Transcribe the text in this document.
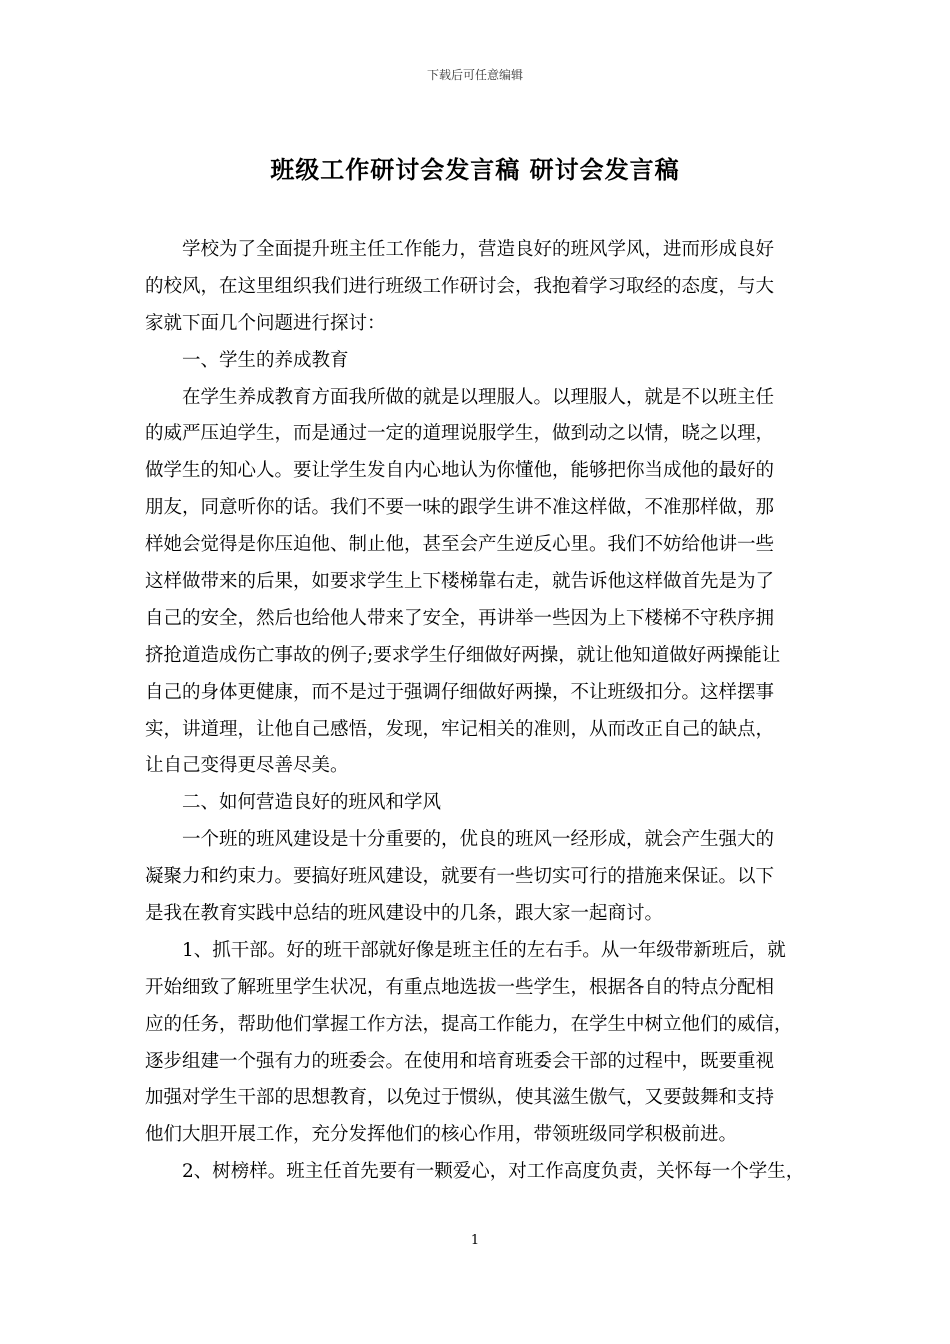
下载后可任意编辑
班级工作研讨会发言稿 研讨会发言稿
学校为了全面提升班主任工作能力，营造良好的班风学风，进而形成良好
的校风，在这里组织我们进行班级工作研讨会，我抱着学习取经的态度，与大
家就下面几个问题进行探讨：
一、学生的养成教育
在学生养成教育方面我所做的就是以理服人。以理服人，就是不以班主任
的威严压迫学生，而是通过一定的道理说服学生，做到动之以情，晓之以理，
做学生的知心人。要让学生发自内心地认为你懂他，能够把你当成他的最好的
朋友，同意听你的话。我们不要一味的跟学生讲不准这样做，不准那样做，那
样她会觉得是你压迫他、制止他，甚至会产生逆反心里。我们不妨给他讲一些
这样做带来的后果，如要求学生上下楼梯靠右走，就告诉他这样做首先是为了
自己的安全，然后也给他人带来了安全，再讲举一些因为上下楼梯不守秩序拥
挤抢道造成伤亡事故的例子;要求学生仔细做好两操，就让他知道做好两操能让
自己的身体更健康，而不是过于强调仔细做好两操，不让班级扣分。这样摆事
实，讲道理，让他自己感悟，发现，牢记相关的准则，从而改正自己的缺点，
让自己变得更尽善尽美。
二、如何营造良好的班风和学风
一个班的班风建设是十分重要的，优良的班风一经形成，就会产生强大的
凝聚力和约束力。要搞好班风建设，就要有一些切实可行的措施来保证。以下
是我在教育实践中总结的班风建设中的几条，跟大家一起商讨。
1、抓干部。好的班干部就好像是班主任的左右手。从一年级带新班后，就
开始细致了解班里学生状况，有重点地选拔一些学生，根据各自的特点分配相
应的任务，帮助他们掌握工作方法，提高工作能力，在学生中树立他们的威信，
逐步组建一个强有力的班委会。在使用和培育班委会干部的过程中，既要重视
加强对学生干部的思想教育，以免过于惯纵，使其滋生傲气，又要鼓舞和支持
他们大胆开展工作，充分发挥他们的核心作用，带领班级同学积极前进。
2、树榜样。班主任首先要有一颗爱心，对工作高度负责，关怀每一个学生，
1
